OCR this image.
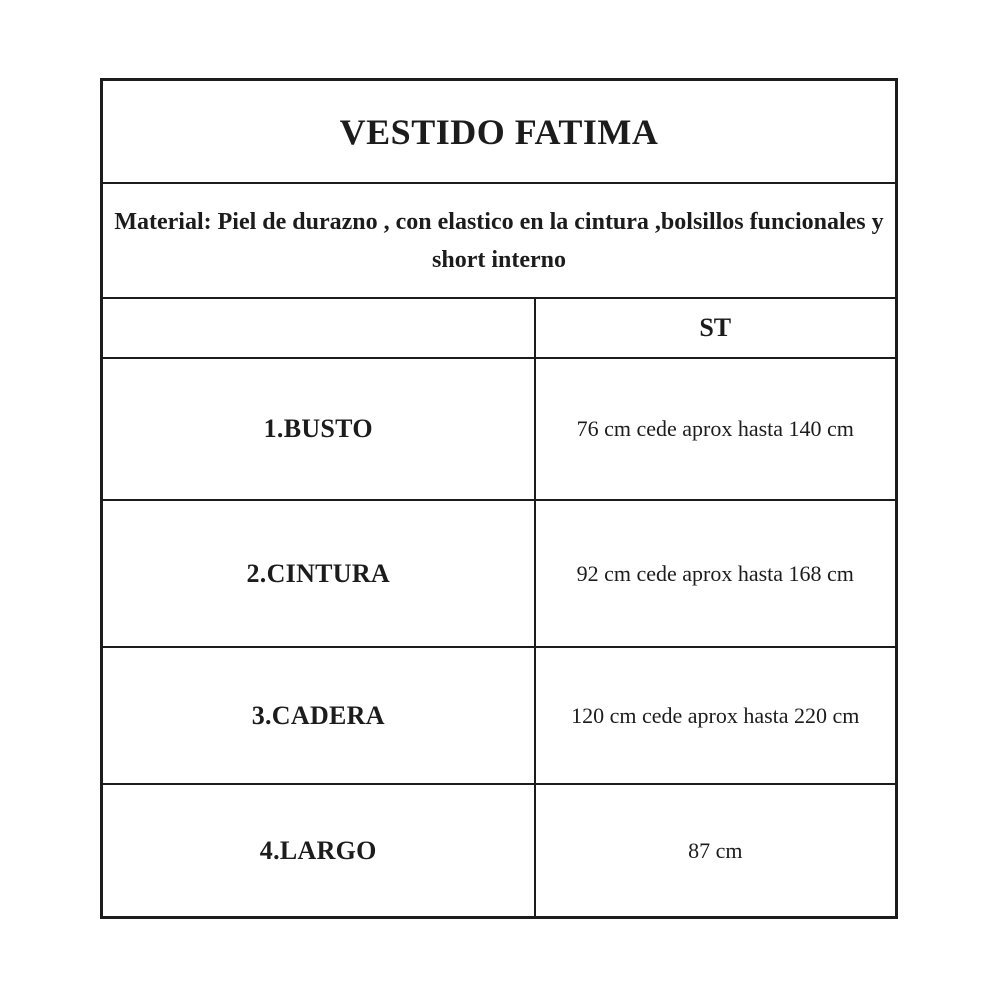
VESTIDO FATIMA	
Material: Piel de durazno , con elastico en la cintura ,bolsillos funcionales y short interno	
	ST
1.BUSTO	76 cm cede aprox hasta 140 cm
2.CINTURA	92 cm cede aprox hasta 168 cm
3.CADERA	120 cm cede aprox hasta 220 cm
4.LARGO	87 cm
